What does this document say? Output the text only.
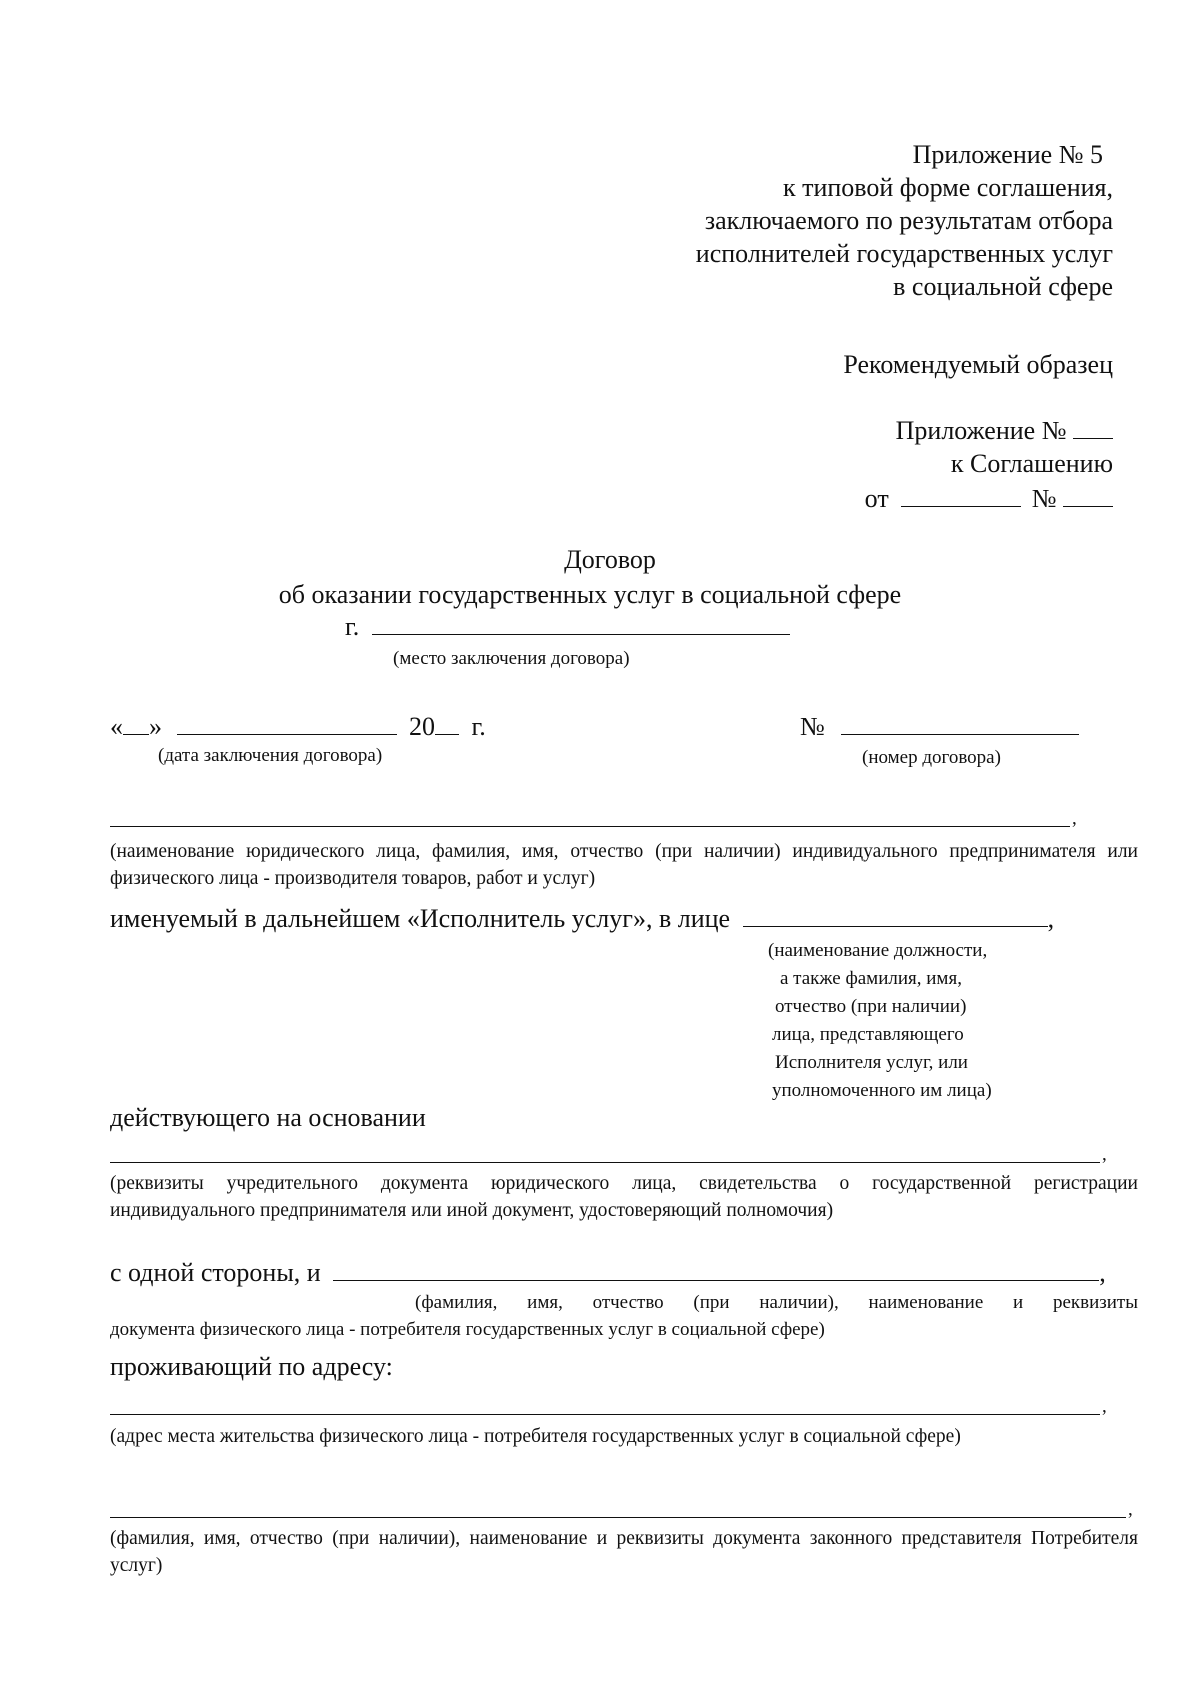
Приложение № 5
к типовой форме соглашения,
заключаемого по результатам отбора
исполнителей государственных услуг
в социальной сфере
Рекомендуемый образец
Приложение №
к Соглашению
от	№
Договор
об оказании государственных услуг в социальной сфере
г.
(место заключения договора)
« »	20 г.
(дата заключения договора)
№
(номер договора)
,
(наименование юридического лица, фамилия, имя, отчество (при наличии) индивидуального предпринимателя или физического лица - производителя товаров, работ и услуг)
именуемый в дальнейшем «Исполнитель услуг», в лице	,
(наименование должности,
а также фамилия, имя,
отчество (при наличии)
лица, представляющего
Исполнителя услуг, или
уполномоченного им лица)
действующего на основании
,
(реквизиты учредительного документа юридического лица, свидетельства о государственной регистрации индивидуального предпринимателя или иной документ, удостоверяющий полномочия)
с одной стороны, и	,
(фамилия, имя, отчество (при наличии), наименование и реквизиты
документа физического лица - потребителя государственных услуг в социальной сфере)
проживающий по адресу:
,
(адрес места жительства физического лица - потребителя государственных услуг в социальной сфере)
,
(фамилия, имя, отчество (при наличии), наименование и реквизиты документа законного представителя Потребителя услуг)
